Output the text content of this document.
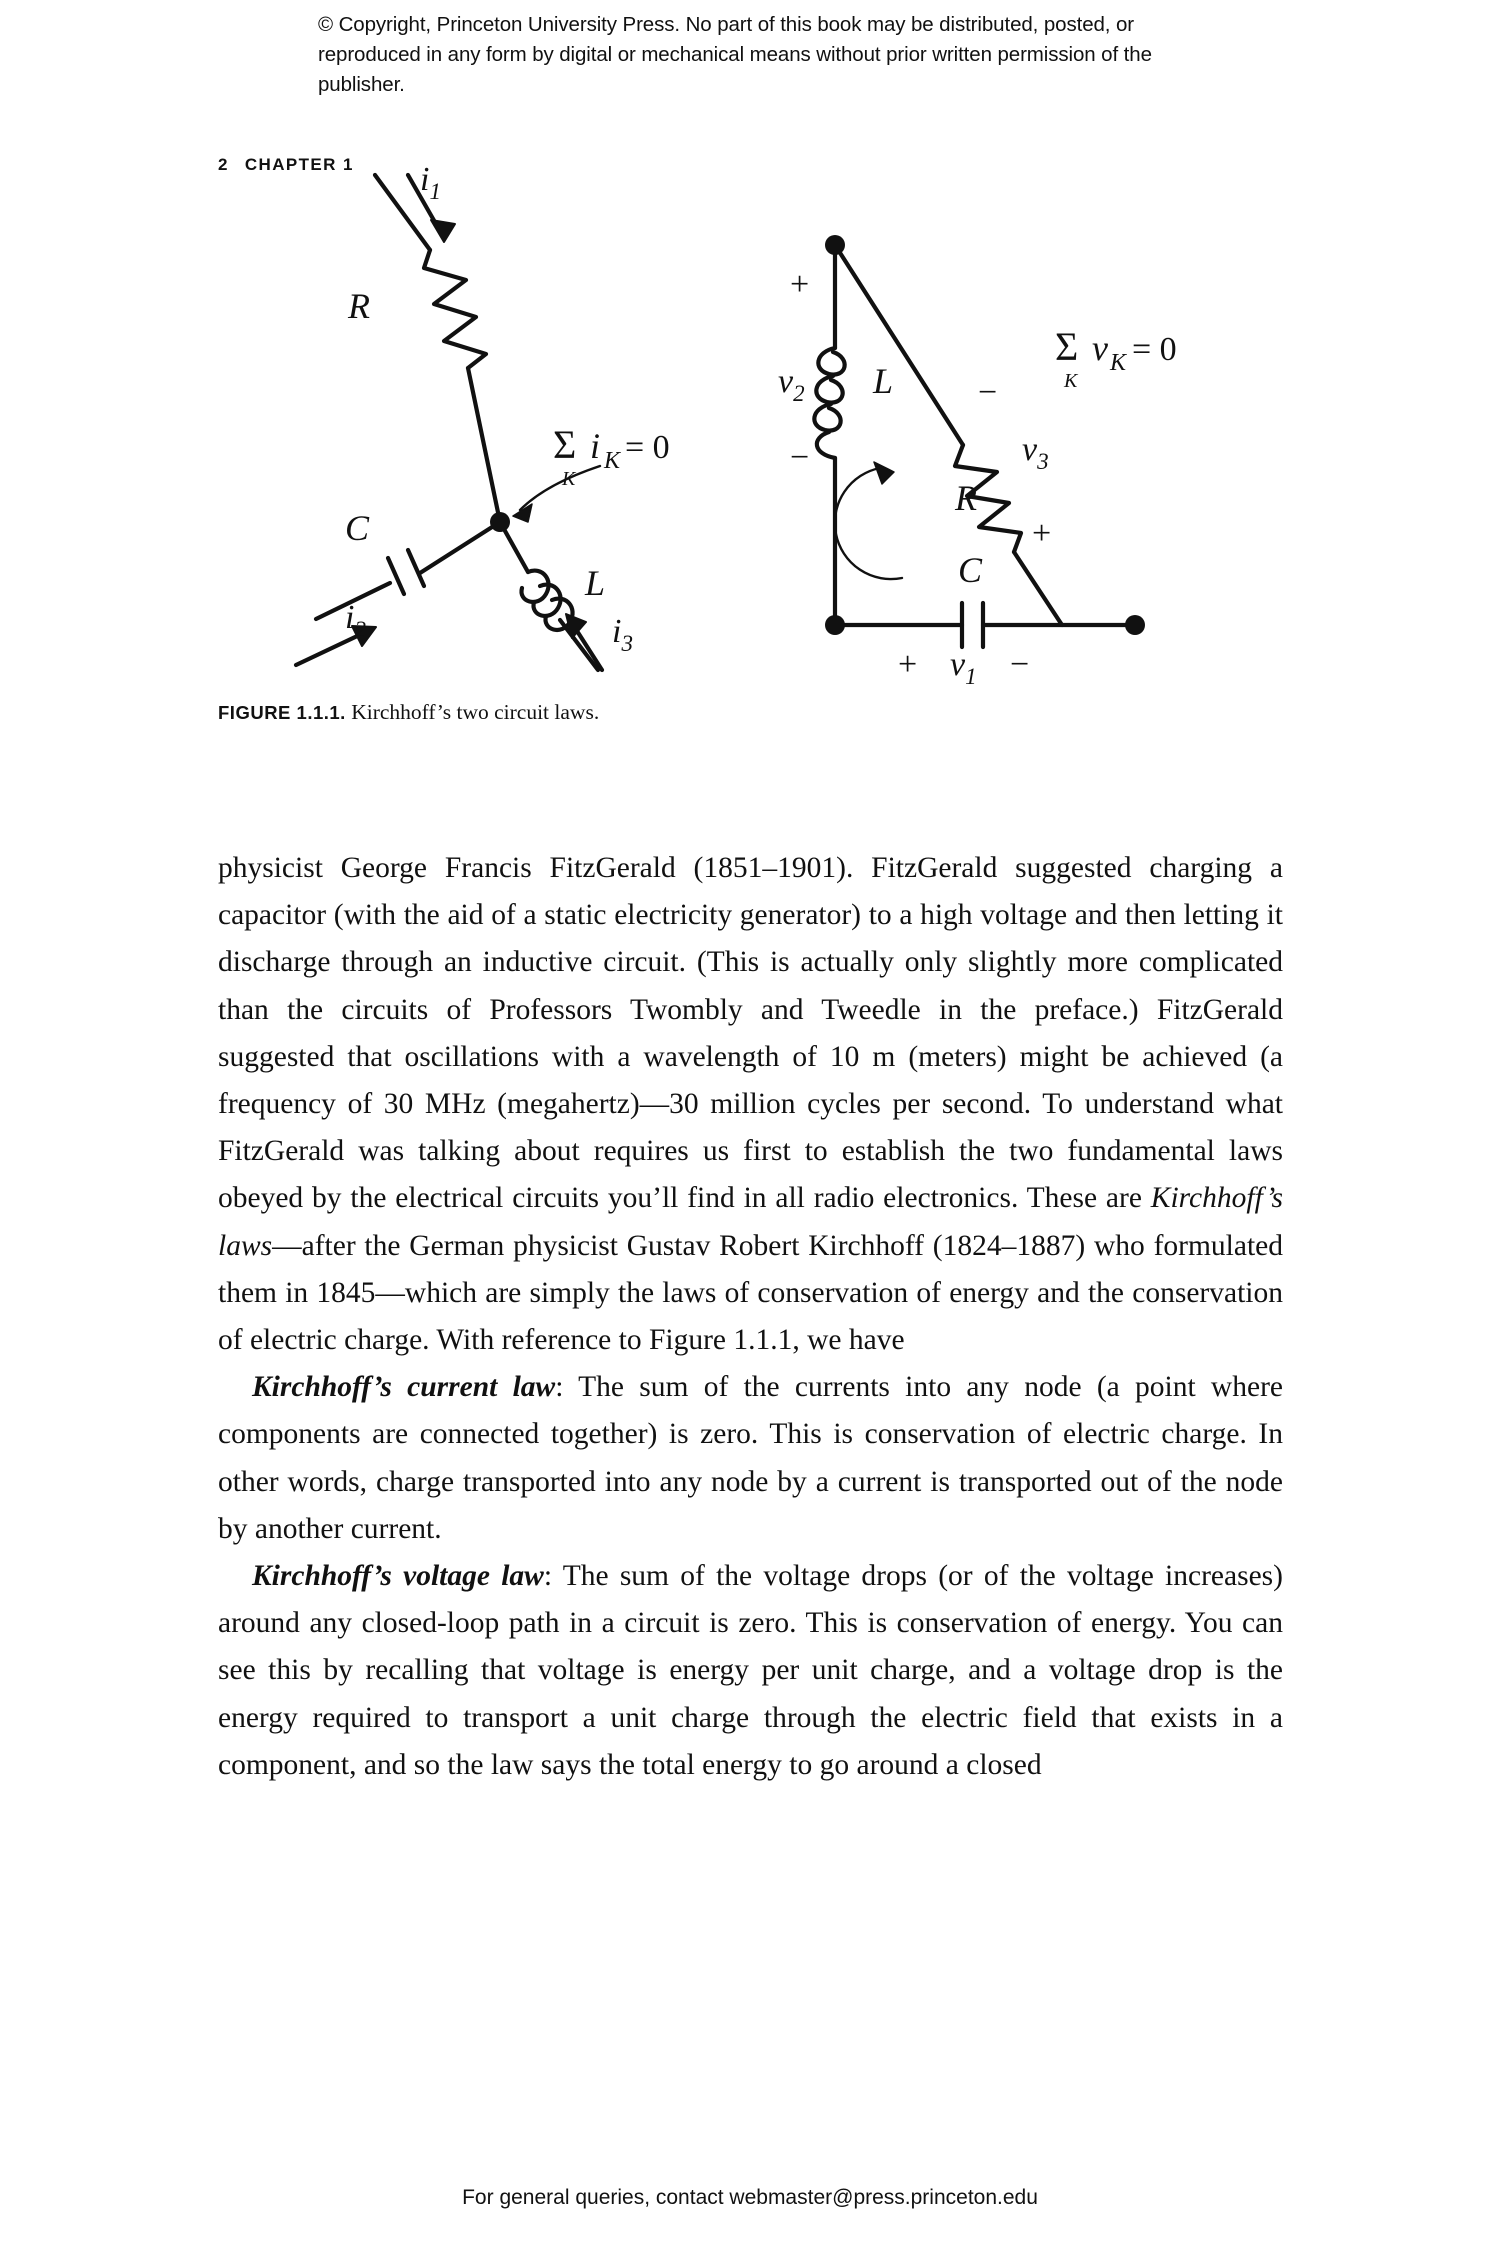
© Copyright, Princeton University Press. No part of this book may be distributed, posted, or reproduced in any form by digital or mechanical means without prior written permission of the publisher.
2 CHAPTER 1 $i_1$
R
C
L
$i_2$	$i_3$
Σ
K
i K = 0
+
$v_2$
−
L −
$v_3$
R
+
C
+ $v_1$ −
Σ
K
v K = 0
FIGURE 1.1.1. Kirchhoff’s two circuit laws.

physicist George Francis FitzGerald (1851–1901). FitzGerald suggested charging a capacitor (with the aid of a static electricity generator) to a high voltage and then letting it discharge through an inductive circuit. (This is actually only slightly more complicated than the circuits of Professors Twombly and Tweedle in the preface.) FitzGerald suggested that oscillations with a wavelength of 10 m (meters) might be achieved (a frequency of 30 MHz (megahertz)—30 million cycles per second. To understand what FitzGerald was talking about requires us first to establish the two fundamental laws obeyed by the electrical circuits you’ll find in all radio electronics. These are Kirchhoff’s laws—after the German physicist Gustav Robert Kirchhoff (1824–1887) who formulated them in 1845—which are simply the laws of conservation of energy and the conservation of electric charge. With reference to Figure 1.1.1, we have

Kirchhoff’s current law: The sum of the currents into any node (a point where components are connected together) is zero. This is conservation of electric charge. In other words, charge transported into any node by a current is transported out of the node by another current.

Kirchhoff’s voltage law: The sum of the voltage drops (or of the voltage increases) around any closed-loop path in a circuit is zero. This is conservation of energy. You can see this by recalling that voltage is energy per unit charge, and a voltage drop is the energy required to transport a unit charge through the electric field that exists in a component, and so the law says the total energy to go around a closed

For general queries, contact webmaster@press.princeton.edu
